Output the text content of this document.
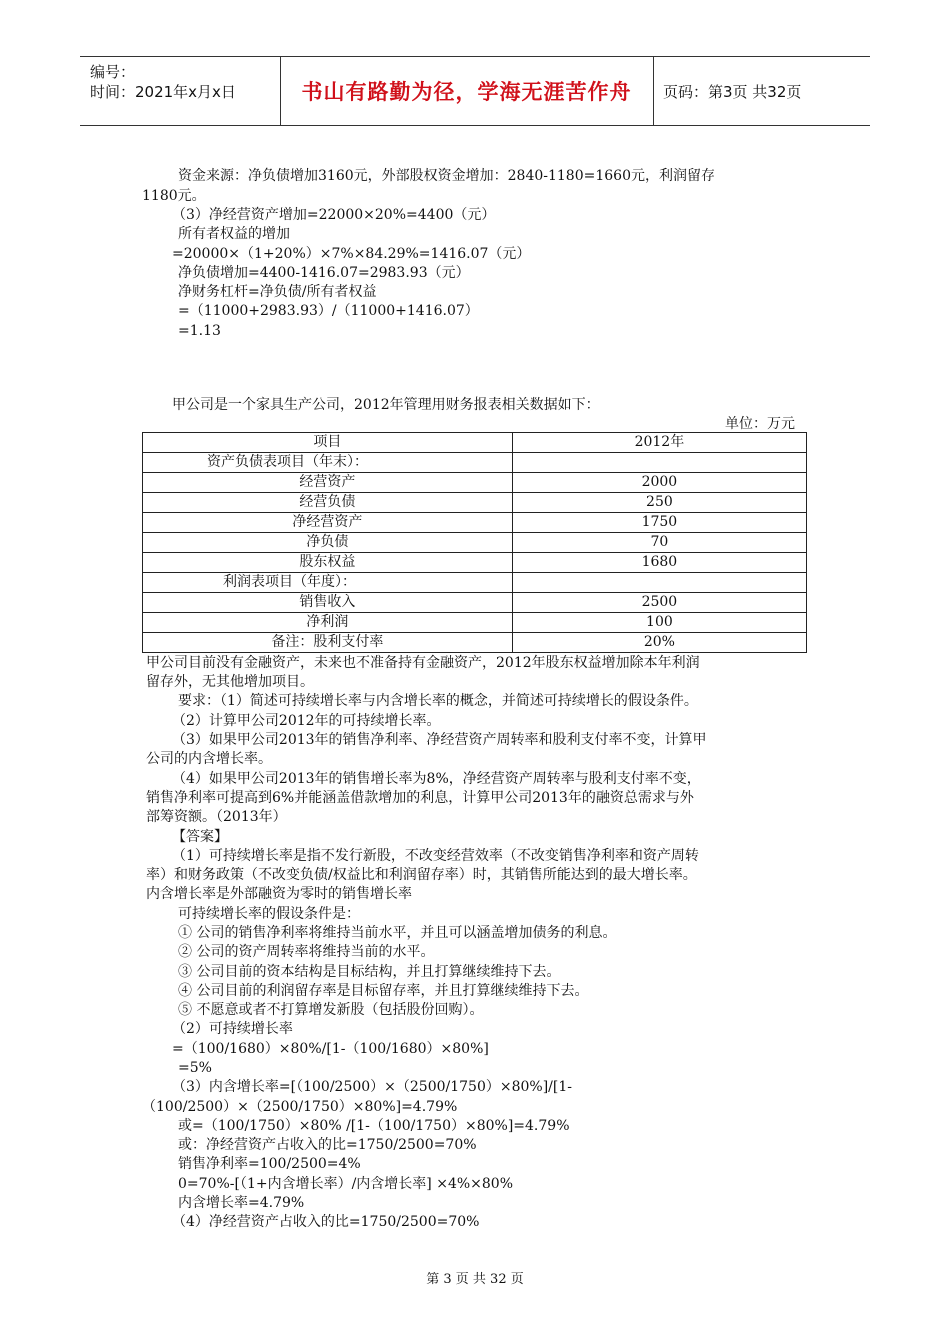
编号：
时间：2021年x月x日	书山有路勤为径，学海无涯苦作舟 页码：第3页 共32页
资金来源：净负债增加3160元，外部股权资金增加：2840-1180=1660元，利润留存
1180元。
（3）净经营资产增加=22000×20%=4400（元）
所有者权益的增加
=20000×（1+20%）×7%×84.29%=1416.07（元）
净负债增加=4400-1416.07=2983.93（元）
净财务杠杆=净负债/所有者权益
=（11000+2983.93）/（11000+1416.07）
=1.13
甲公司是一个家具生产公司，2012年管理用财务报表相关数据如下：
单位：万元
项目	2012年
资产负债表项目（年末）：	
经营资产	2000
经营负债	250
净经营资产	1750
净负债	70
股东权益	1680
利润表项目（年度）：	
销售收入	2500
净利润	100
备注：股利支付率	20%
甲公司目前没有金融资产，未来也不准备持有金融资产，2012年股东权益增加除本年利润
留存外，无其他增加项目。
要求：（1）简述可持续增长率与内含增长率的概念，并简述可持续增长的假设条件。
（2）计算甲公司2012年的可持续增长率。
（3）如果甲公司2013年的销售净利率、净经营资产周转率和股利支付率不变，计算甲
公司的内含增长率。
（4）如果甲公司2013年的销售增长率为8%，净经营资产周转率与股利支付率不变，
销售净利率可提高到6%并能涵盖借款增加的利息，计算甲公司2013年的融资总需求与外
部筹资额。（2013年）
【答案】
（1）可持续增长率是指不发行新股，不改变经营效率（不改变销售净利率和资产周转
率）和财务政策（不改变负债/权益比和利润留存率）时，其销售所能达到的最大增长率。
内含增长率是外部融资为零时的销售增长率
可持续增长率的假设条件是：
① 公司的销售净利率将维持当前水平，并且可以涵盖增加债务的利息。
② 公司的资产周转率将维持当前的水平。
③ 公司目前的资本结构是目标结构，并且打算继续维持下去。
④ 公司目前的利润留存率是目标留存率，并且打算继续维持下去。
⑤ 不愿意或者不打算增发新股（包括股份回购）。
（2）可持续增长率
=（100/1680）×80%/[1-（100/1680）×80%]
=5%
（3）内含增长率=[（100/2500）×（2500/1750）×80%]/[1-
（100/2500）×（2500/1750）×80%]=4.79%
或=（100/1750）×80% /[1-（100/1750）×80%]=4.79%
或：净经营资产占收入的比=1750/2500=70%
销售净利率=100/2500=4%
0=70%-[（1+内含增长率）/内含增长率] ×4%×80%
内含增长率=4.79%
（4）净经营资产占收入的比=1750/2500=70%
第 3 页 共 32 页
